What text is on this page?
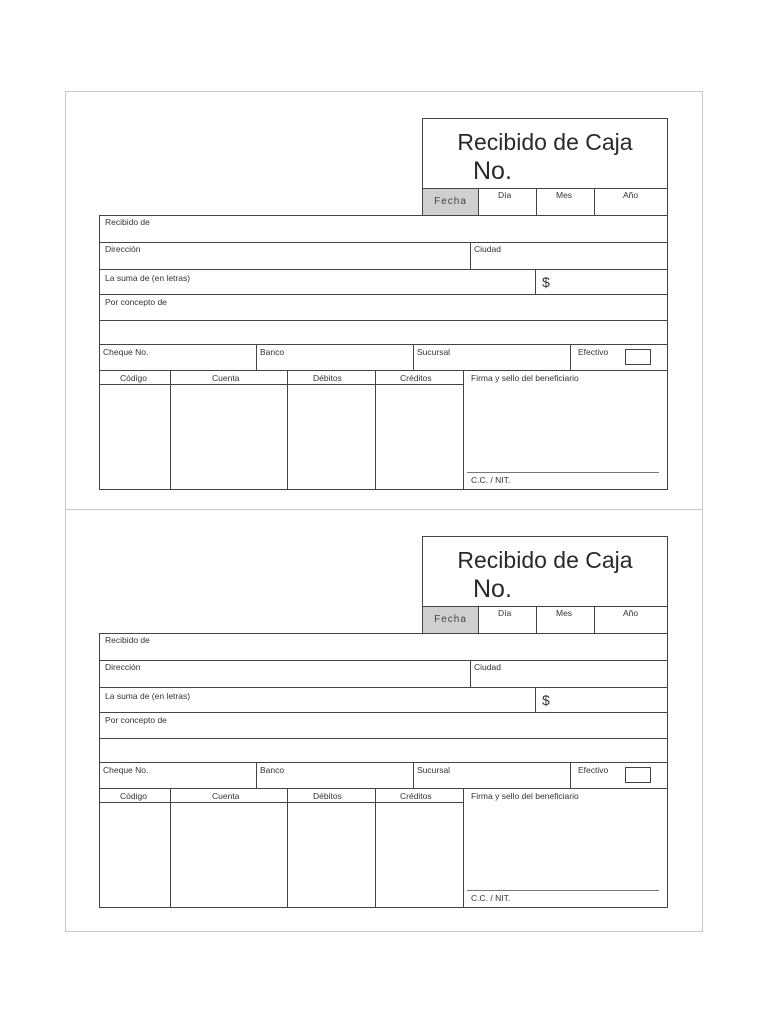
Recibido de Caja
No.
Fecha
Día	Mes	Año
Recibido de
Dirección	Ciudad
La suma de (en letras)	$
Por concepto de
Cheque No.	Banco	Sucursal	Efectivo
Código	Cuenta	Débitos	Créditos	Firma y sello del beneficiario
C.C. / NIT.
Recibido de Caja
No.
Fecha
Día	Mes	Año
Recibido de
Dirección	Ciudad
La suma de (en letras)	$
Por concepto de
Cheque No.	Banco	Sucursal	Efectivo
Código	Cuenta	Débitos	Créditos	Firma y sello del beneficiario
C.C. / NIT.
